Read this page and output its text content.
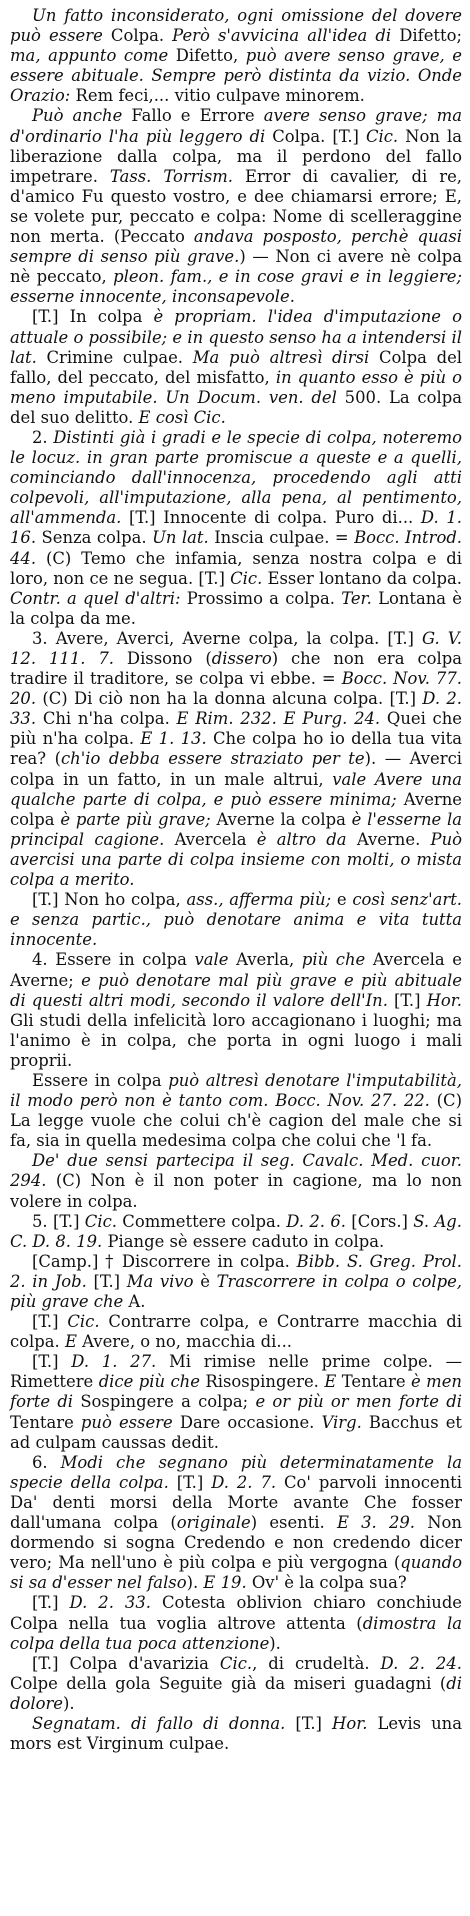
Un fatto inconsiderato, ogni omissione del dovere può essere Colpa. Però s'avvicina all'idea di Difetto; ma, appunto come Difetto, può avere senso grave, e essere abituale. Sempre però distinta da vizio. Onde Orazio: Rem feci,... vitio culpave minorem.

Può anche Fallo e Errore avere senso grave; ma d'ordinario l'ha più leggero di Colpa. [T.] Cic. Non la liberazione dalla colpa, ma il perdono del fallo impetrare. Tass. Torrism. Error di cavalier, di re, d'amico Fu questo vostro, e dee chiamarsi errore; E, se volete pur, peccato e colpa: Nome di scelleraggine non merta. (Peccato andava posposto, perchè quasi sempre di senso più grave.) — Non ci avere nè colpa nè peccato, pleon. fam., e in cose gravi e in leggiere; esserne innocente, inconsapevole.

[T.] In colpa è propriam. l'idea d'imputazione o attuale o possibile; e in questo senso ha a intendersi il lat. Crimine culpae. Ma può altresì dirsi Colpa del fallo, del peccato, del misfatto, in quanto esso è più o meno imputabile. Un Docum. ven. del 500. La colpa del suo delitto. E così Cic.

2. Distinti già i gradi e le specie di colpa, noteremo le locuz. in gran parte promiscue a queste e a quelli, cominciando dall'innocenza, procedendo agli atti colpevoli, all'imputazione, alla pena, al pentimento, all'ammenda. [T.] Innocente di colpa. Puro di... D. 1. 16. Senza colpa. Un lat. Inscia culpae. = Bocc. Introd. 44. (C) Temo che infamia, senza nostra colpa e di loro, non ce ne segua. [T.] Cic. Esser lontano da colpa. Contr. a quel d'altri: Prossimo a colpa. Ter. Lontana è la colpa da me.

3. Avere, Averci, Averne colpa, la colpa. [T.] G. V. 12. 111. 7. Dissono (dissero) che non era colpa tradire il traditore, se colpa vi ebbe. = Bocc. Nov. 77. 20. (C) Di ciò non ha la donna alcuna colpa. [T.] D. 2. 33. Chi n'ha colpa. E Rim. 232. E Purg. 24. Quei che più n'ha colpa. E 1. 13. Che colpa ho io della tua vita rea? (ch'io debba essere straziato per te). — Averci colpa in un fatto, in un male altrui, vale Avere una qualche parte di colpa, e può essere minima; Averne colpa è parte più grave; Averne la colpa è l'esserne la principal cagione. Avercela è altro da Averne. Può avercisi una parte di colpa insieme con molti, o mista colpa a merito.

[T.] Non ho colpa, ass., afferma più; e così senz'art. e senza partic., può denotare anima e vita tutta innocente.

4. Essere in colpa vale Averla, più che Avercela e Averne; e può denotare mal più grave e più abituale di questi altri modi, secondo il valore dell'In. [T.] Hor. Gli studi della infelicità loro accagionano i luoghi; ma l'animo è in colpa, che porta in ogni luogo i mali proprii.

Essere in colpa può altresì denotare l'imputabilità, il modo però non è tanto com. Bocc. Nov. 27. 22. (C) La legge vuole che colui ch'è cagion del male che si fa, sia in quella medesima colpa che colui che 'l fa.

De' due sensi partecipa il seg. Cavalc. Med. cuor. 294. (C) Non è il non poter in cagione, ma lo non volere in colpa.

5. [T.] Cic. Commettere colpa. D. 2. 6. [Cors.] S. Ag. C. D. 8. 19. Piange sè essere caduto in colpa.

[Camp.] † Discorrere in colpa. Bibb. S. Greg. Prol. 2. in Job. [T.] Ma vivo è Trascorrere in colpa o colpe, più grave che A.

[T.] Cic. Contrarre colpa, e Contrarre macchia di colpa. E Avere, o no, macchia di...

[T.] D. 1. 27. Mi rimise nelle prime colpe. — Rimettere dice più che Risospingere. E Tentare è men forte di Sospingere a colpa; e or più or men forte di Tentare può essere Dare occasione. Virg. Bacchus et ad culpam caussas dedit.

6. Modi che segnano più determinatamente la specie della colpa. [T.] D. 2. 7. Co' parvoli innocenti Da' denti morsi della Morte avante Che fosser dall'umana colpa (originale) esenti. E 3. 29. Non dormendo si sogna Credendo e non credendo dicer vero; Ma nell'uno è più colpa e più vergogna (quando si sa d'esser nel falso). E 19. Ov' è la colpa sua?

[T.] D. 2. 33. Cotesta oblivion chiaro conchiude Colpa nella tua voglia altrove attenta (dimostra la colpa della tua poca attenzione).

[T.] Colpa d'avarizia Cic., di crudeltà. D. 2. 24. Colpe della gola Seguite già da miseri guadagni (di dolore).

Segnatam. di fallo di donna. [T.] Hor. Levis una mors est Virginum culpae.
